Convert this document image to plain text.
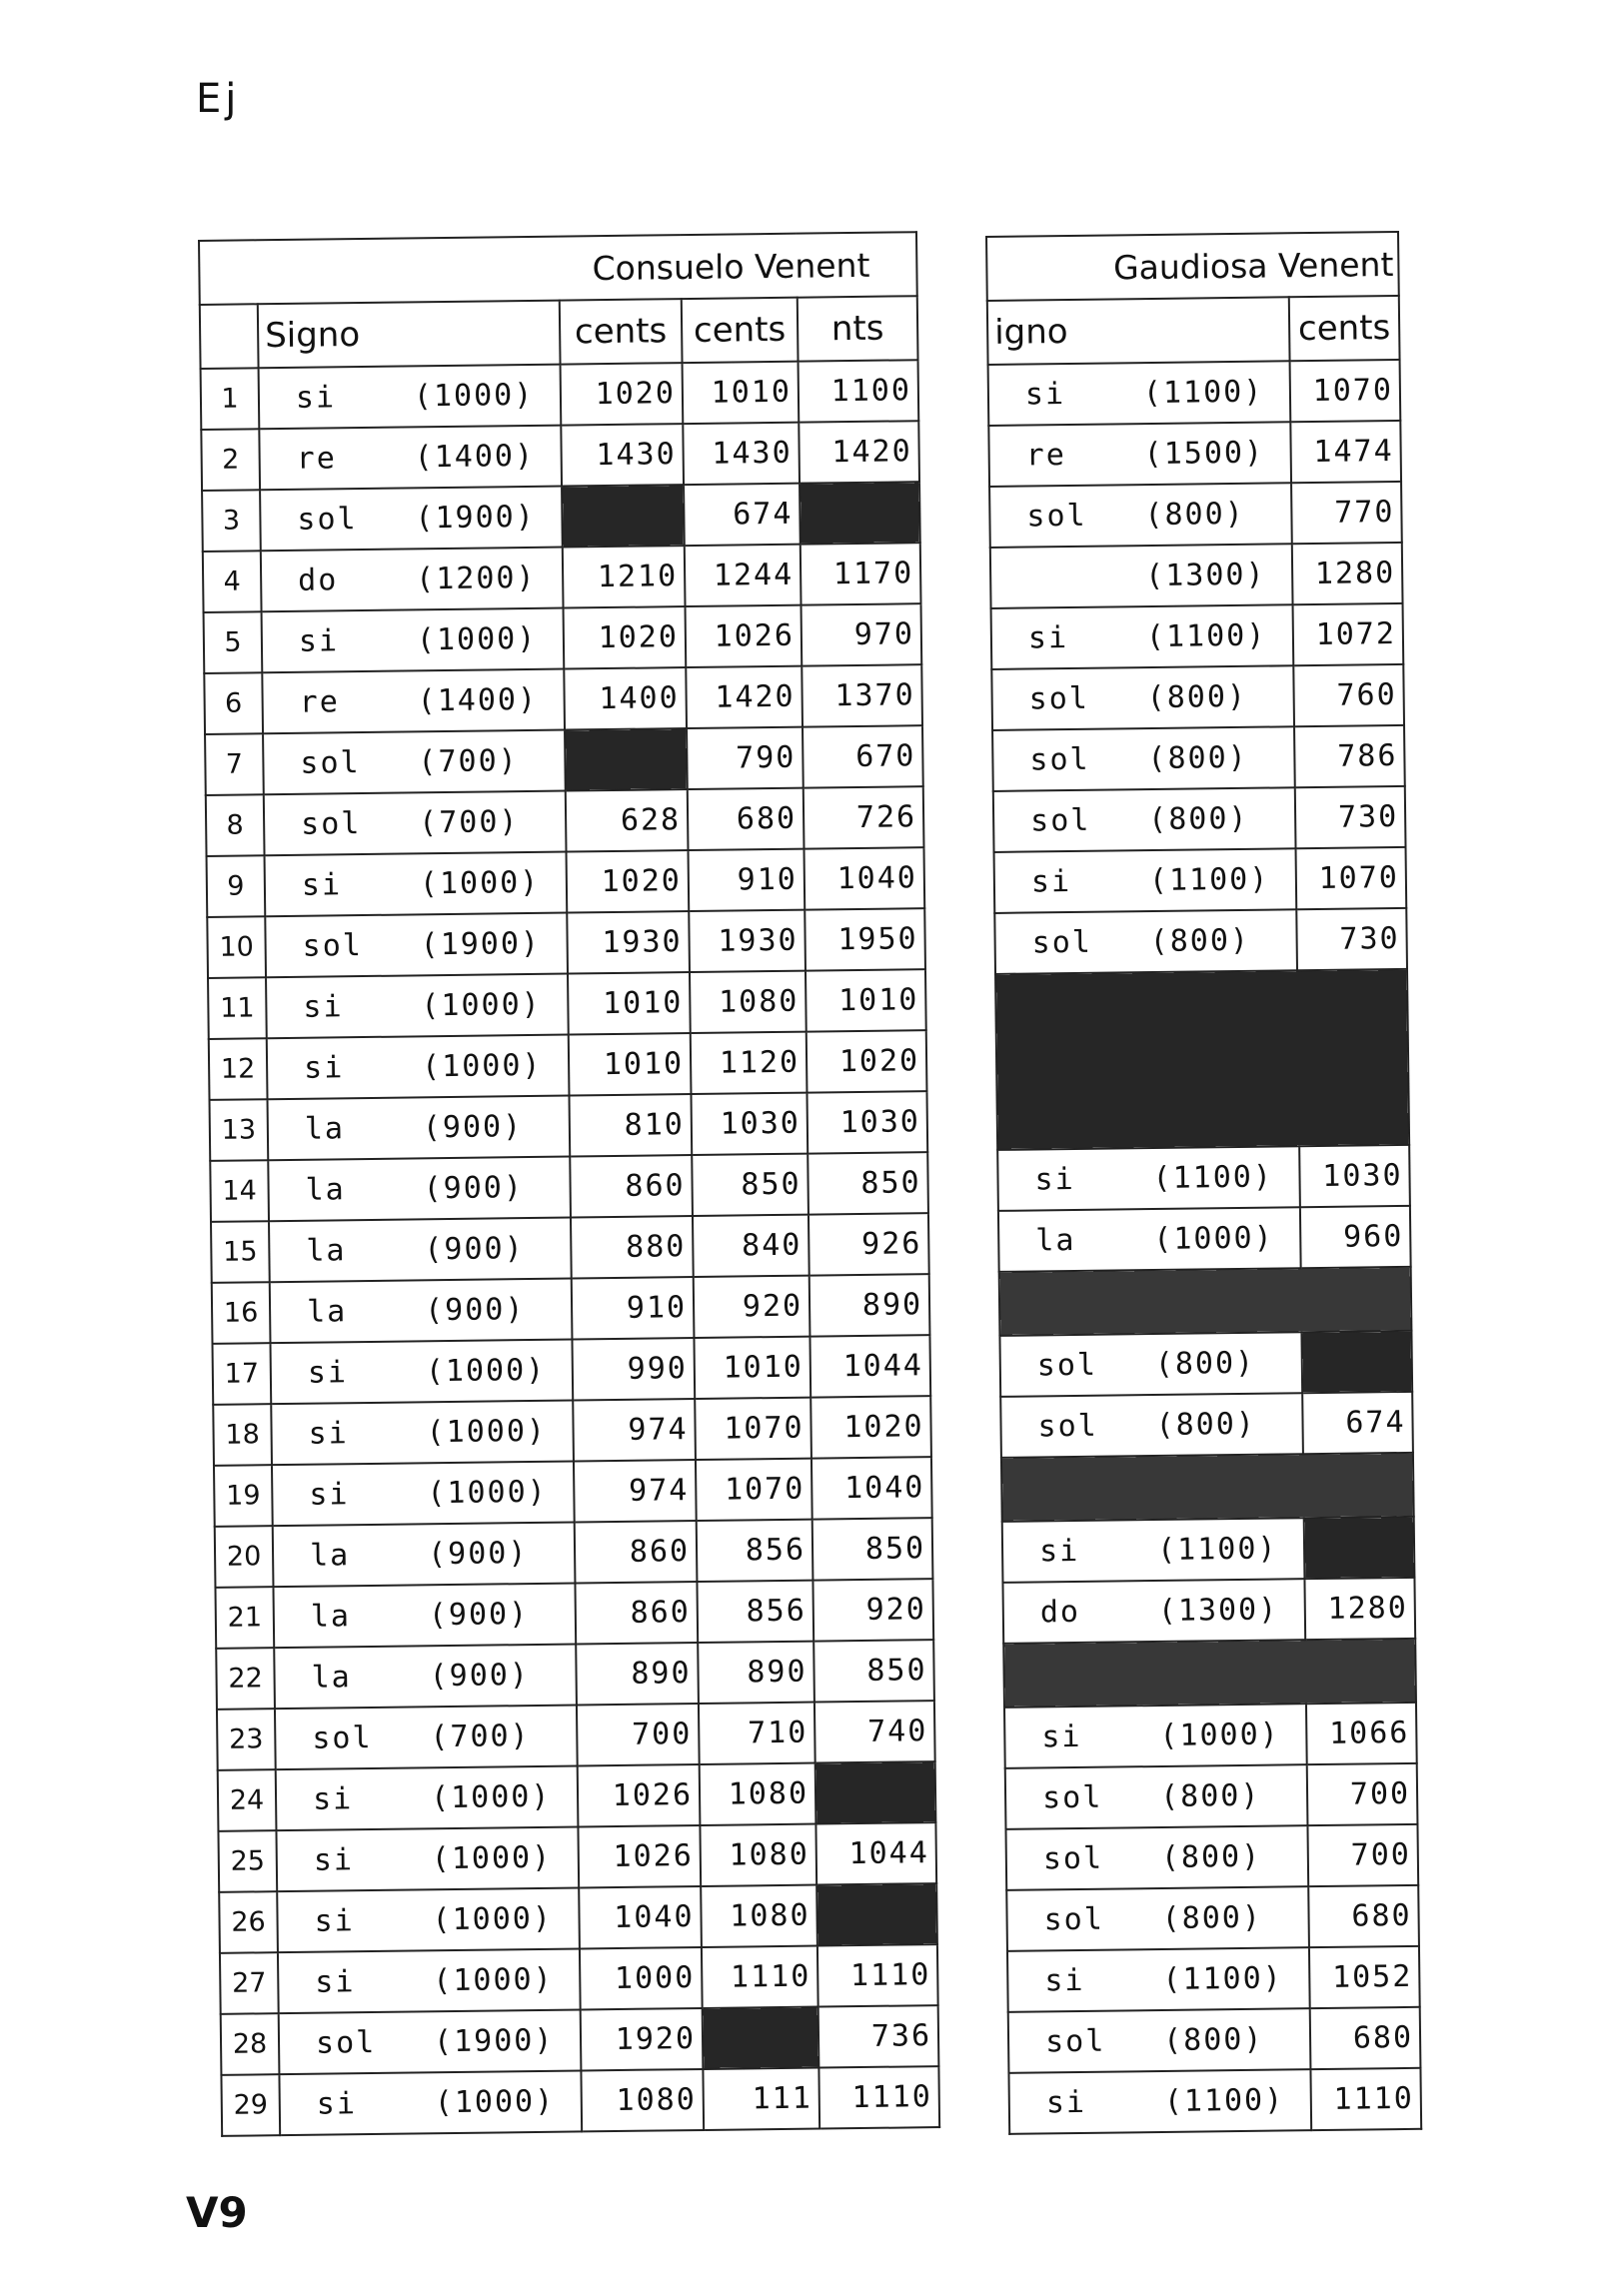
Ej
Consuelo Venent				
	Signo	cents	cents	nts
1	si (1000)	1020	1010	1100
2	re (1400)	1430	1430	1420
3	sol (1900)		674	
4	do (1200)	1210	1244	1170
5	si (1000)	1020	1026	970
6	re (1400)	1400	1420	1370
7	sol (700)		790	670
8	sol (700)	628	680	726
9	si (1000)	1020	910	1040
10	sol (1900)	1930	1930	1950
11	si (1000)	1010	1080	1010
12	si (1000)	1010	1120	1020
13	la (900)	810	1030	1030
14	la (900)	860	850	850
15	la (900)	880	840	926
16	la (900)	910	920	890
17	si (1000)	990	1010	1044
18	si (1000)	974	1070	1020
19	si (1000)	974	1070	1040
20	la (900)	860	856	850
21	la (900)	860	856	920
22	la (900)	890	890	850
23	sol (700)	700	710	740
24	si (1000)	1026	1080	
25	si (1000)	1026	1080	1044
26	si (1000)	1040	1080	
27	si (1000)	1000	1110	1110
28	sol (1900)	1920		736
29	si (1000)	1080	111	1110
Gaudiosa Venent	
igno	cents
si (1100)	1070
re (1500)	1474
sol (800)	770
(1300)	1280
si (1100)	1072
sol (800)	760
sol (800)	786
sol (800)	730
si (1100)	1070
sol (800)	730

si (1100)	1030
la (1000)	960

sol (800)	
sol (800)	674

si (1100)	
do (1300)	1280

si (1000)	1066
sol (800)	700
sol (800)	700
sol (800)	680
si (1100)	1052
sol (800)	680
si (1100)	1110
V9
